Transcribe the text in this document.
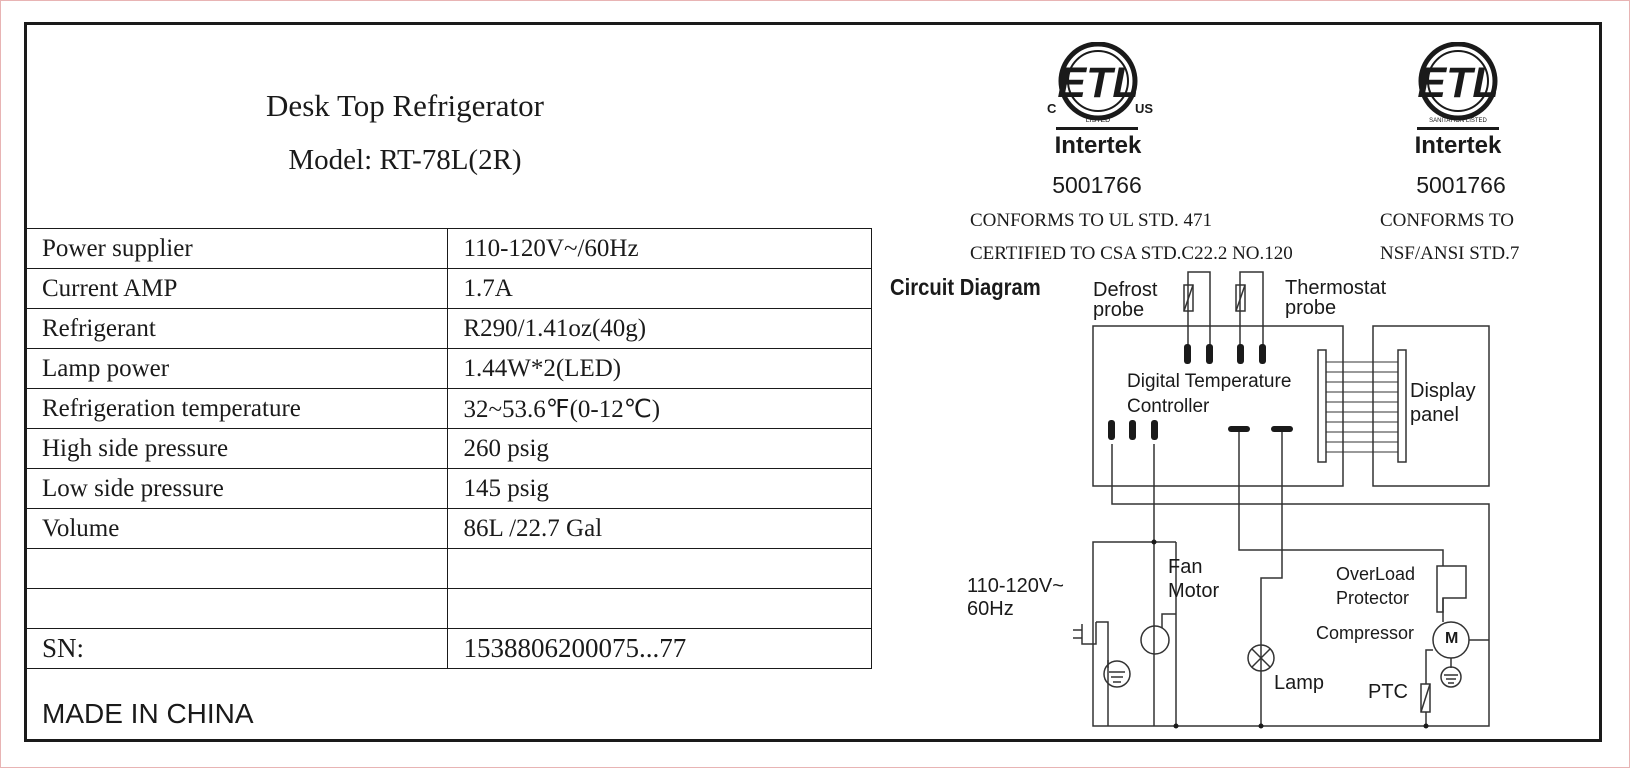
Desk Top Refrigerator
Model: RT-78L(2R)
Power supplier	110-120V~/60Hz
Current AMP	1.7A
Refrigerant	R290/1.41oz(40g)
Lamp power	1.44W*2(LED)
Refrigeration temperature	32~53.6℉(0-12℃)
High side pressure	260 psig
Low side pressure	145 psig
Volume	86L /22.7 Gal

SN:	1538806200075...77
MADE IN CHINA
ETL
C	US
LISTED
Intertek
ETL
SANITATION LISTED
Intertek
5001766	5001766
CONFORMS TO UL STD. 471
CERTIFIED TO CSA STD.C22.2 NO.120
CONFORMS TO
NSF/ANSI STD.7
Circuit Diagram	Defrost
probe
Thermostat
probe
Digital Temperature
Controller
Display
panel
110-120V~
60Hz
Fan
Motor
OverLoad
Protector
Compressor M
Lamp PTC
